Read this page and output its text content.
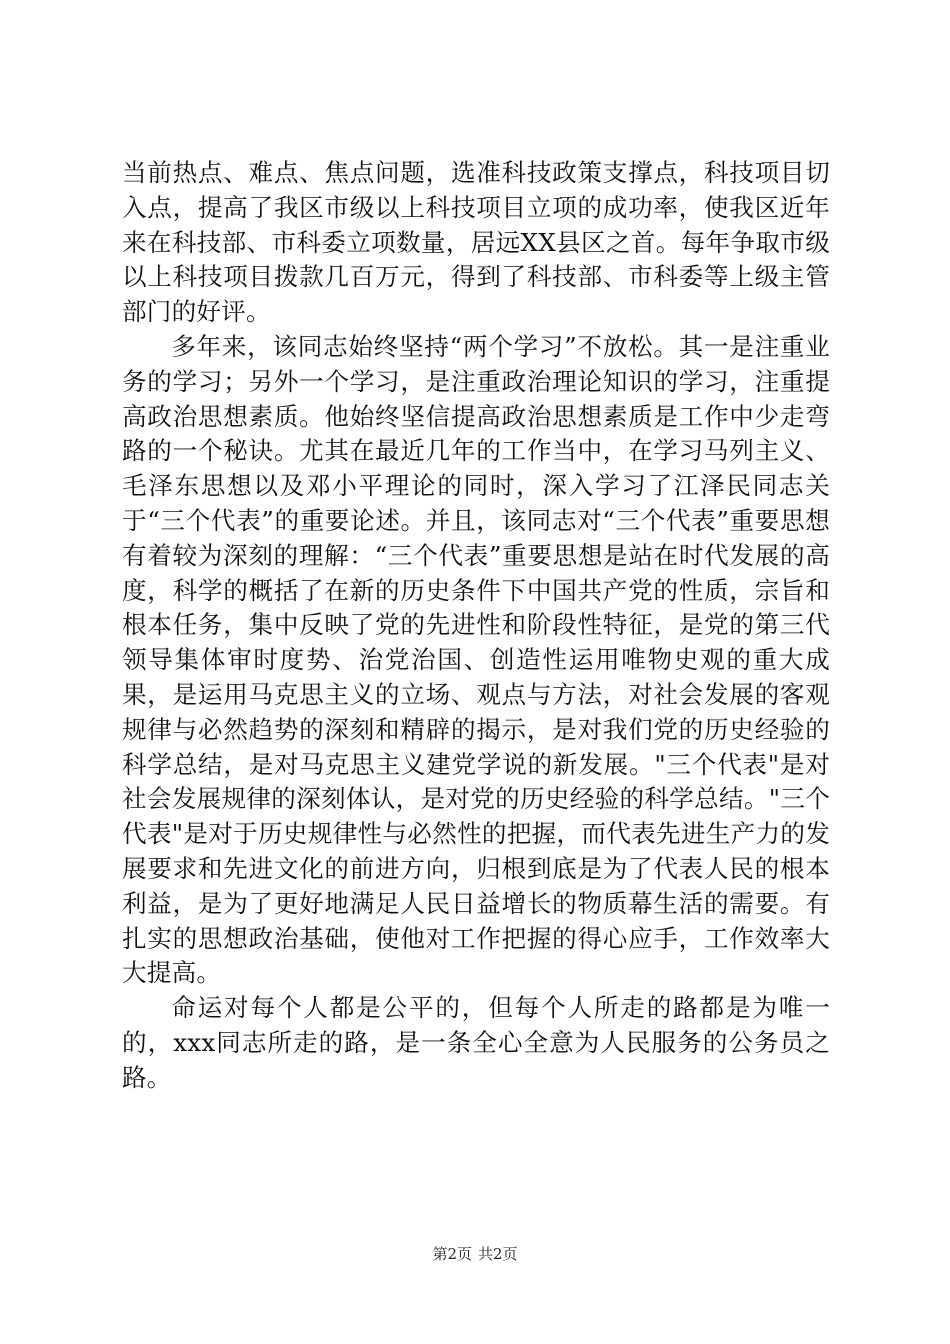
当前热点、难点、焦点问题，选准科技政策支撑点，科技项目切入点，提高了我区市级以上科技项目立项的成功率，使我区近年来在科技部、市科委立项数量，居远XX县区之首。每年争取市级以上科技项目拨款几百万元，得到了科技部、市科委等上级主管部门的好评。

多年来，该同志始终坚持“两个学习”不放松。其一是注重业务的学习；另外一个学习，是注重政治理论知识的学习，注重提高政治思想素质。他始终坚信提高政治思想素质是工作中少走弯路的一个秘诀。尤其在最近几年的工作当中，在学习马列主义、毛泽东思想以及邓小平理论的同时，深入学习了江泽民同志关于“三个代表”的重要论述。并且，该同志对“三个代表”重要思想有着较为深刻的理解：“三个代表”重要思想是站在时代发展的高度，科学的概括了在新的历史条件下中国共产党的性质，宗旨和根本任务，集中反映了党的先进性和阶段性特征，是党的第三代领导集体审时度势、治党治国、创造性运用唯物史观的重大成果，是运用马克思主义的立场、观点与方法，对社会发展的客观规律与必然趋势的深刻和精辟的揭示，是对我们党的历史经验的科学总结，是对马克思主义建党学说的新发展。"三个代表"是对社会发展规律的深刻体认，是对党的历史经验的科学总结。"三个代表"是对于历史规律性与必然性的把握，而代表先进生产力的发展要求和先进文化的前进方向，归根到底是为了代表人民的根本利益，是为了更好地满足人民日益增长的物质幕生活的需要。有扎实的思想政治基础，使他对工作把握的得心应手，工作效率大大提高。

命运对每个人都是公平的，但每个人所走的路都是为唯一的，xxx同志所走的路，是一条全心全意为人民服务的公务员之路。

第2页 共2页
